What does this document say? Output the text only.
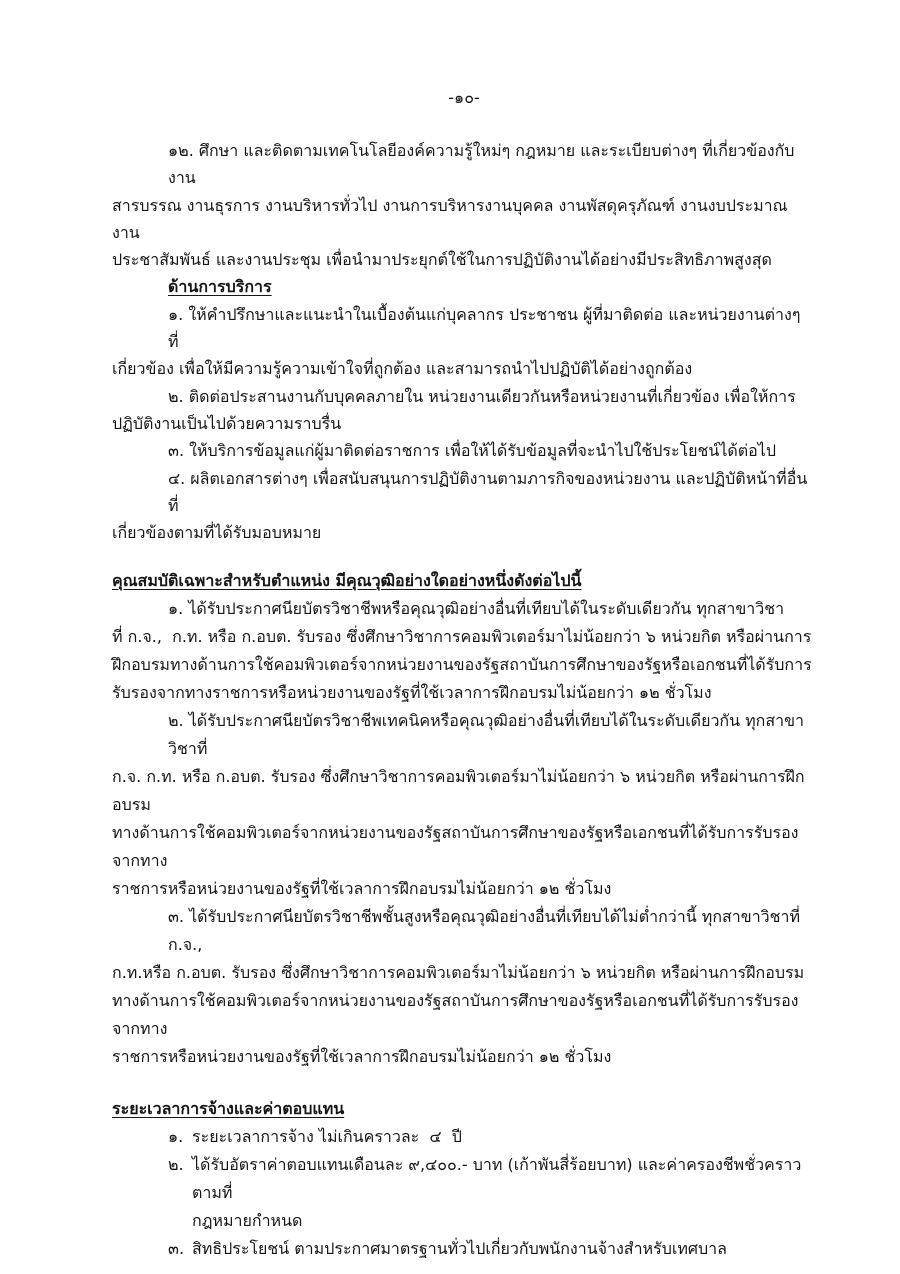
-๑๐-
๑๒. ศึกษา และติดตามเทคโนโลยีองค์ความรู้ใหม่ๆ กฎหมาย และระเบียบต่างๆ ที่เกี่ยวข้องกับงาน
สารบรรณ งานธุรการ งานบริหารทั่วไป งานการบริหารงานบุคคล งานพัสดุครุภัณฑ์ งานงบประมาณ งาน
ประชาสัมพันธ์ และงานประชุม เพื่อนำมาประยุกต์ใช้ในการปฏิบัติงานได้อย่างมีประสิทธิภาพสูงสุด
ด้านการบริการ
๑. ให้คำปรึกษาและแนะนำในเบื้องต้นแก่บุคลากร ประชาชน ผู้ที่มาติดต่อ และหน่วยงานต่างๆ  ที่
เกี่ยวข้อง เพื่อให้มีความรู้ความเข้าใจที่ถูกต้อง และสามารถนำไปปฏิบัติได้อย่างถูกต้อง
๒. ติดต่อประสานงานกับบุคคลภายใน หน่วยงานเดียวกันหรือหน่วยงานที่เกี่ยวข้อง เพื่อให้การ
ปฏิบัติงานเป็นไปด้วยความราบรื่น
๓. ให้บริการข้อมูลแก่ผู้มาติดต่อราชการ เพื่อให้ได้รับข้อมูลที่จะนำไปใช้ประโยชน์ได้ต่อไป
๔. ผลิตเอกสารต่างๆ เพื่อสนับสนุนการปฏิบัติงานตามภารกิจของหน่วยงาน และปฏิบัติหน้าที่อื่นที่
เกี่ยวข้องตามที่ได้รับมอบหมาย
คุณสมบัติเฉพาะสำหรับตำแหน่ง มีคุณวุฒิอย่างใดอย่างหนึ่งดังต่อไปนี้
๑. ได้รับประกาศนียบัตรวิชาชีพหรือคุณวุฒิอย่างอื่นที่เทียบได้ในระดับเดียวกัน ทุกสาขาวิชา
ที่ ก.จ.,  ก.ท. หรือ ก.อบต. รับรอง ซึ่งศึกษาวิชาการคอมพิวเตอร์มาไม่น้อยกว่า ๖ หน่วยกิต หรือผ่านการ
ฝึกอบรมทางด้านการใช้คอมพิวเตอร์จากหน่วยงานของรัฐสถาบันการศึกษาของรัฐหรือเอกชนที่ได้รับการ
รับรองจากทางราชการหรือหน่วยงานของรัฐที่ใช้เวลาการฝึกอบรมไม่น้อยกว่า ๑๒ ชั่วโมง
๒. ได้รับประกาศนียบัตรวิชาชีพเทคนิคหรือคุณวุฒิอย่างอื่นที่เทียบได้ในระดับเดียวกัน ทุกสาขาวิชาที่
ก.จ. ก.ท. หรือ ก.อบต. รับรอง ซึ่งศึกษาวิชาการคอมพิวเตอร์มาไม่น้อยกว่า ๖ หน่วยกิต หรือผ่านการฝึกอบรม
ทางด้านการใช้คอมพิวเตอร์จากหน่วยงานของรัฐสถาบันการศึกษาของรัฐหรือเอกชนที่ได้รับการรับรองจากทาง
ราชการหรือหน่วยงานของรัฐที่ใช้เวลาการฝึกอบรมไม่น้อยกว่า ๑๒ ชั่วโมง
๓. ได้รับประกาศนียบัตรวิชาชีพชั้นสูงหรือคุณวุฒิอย่างอื่นที่เทียบได้ไม่ต่ำกว่านี้ ทุกสาขาวิชาที่ ก.จ.,
ก.ท.หรือ ก.อบต. รับรอง ซึ่งศึกษาวิชาการคอมพิวเตอร์มาไม่น้อยกว่า ๖ หน่วยกิต หรือผ่านการฝึกอบรม
ทางด้านการใช้คอมพิวเตอร์จากหน่วยงานของรัฐสถาบันการศึกษาของรัฐหรือเอกชนที่ได้รับการรับรองจากทาง
ราชการหรือหน่วยงานของรัฐที่ใช้เวลาการฝึกอบรมไม่น้อยกว่า ๑๒ ชั่วโมง
ระยะเวลาการจ้างและค่าตอบแทน
๑. ระยะเวลาการจ้าง ไม่เกินคราวละ  ๔  ปี
๒. ได้รับอัตราค่าตอบแทนเดือนละ ๙,๔๐๐.- บาท (เก้าพันสี่ร้อยบาท) และค่าครองชีพชั่วคราวตามที่
กฎหมายกำหนด
๓. สิทธิประโยชน์ ตามประกาศมาตรฐานทั่วไปเกี่ยวกับพนักงานจ้างสำหรับเทศบาล
